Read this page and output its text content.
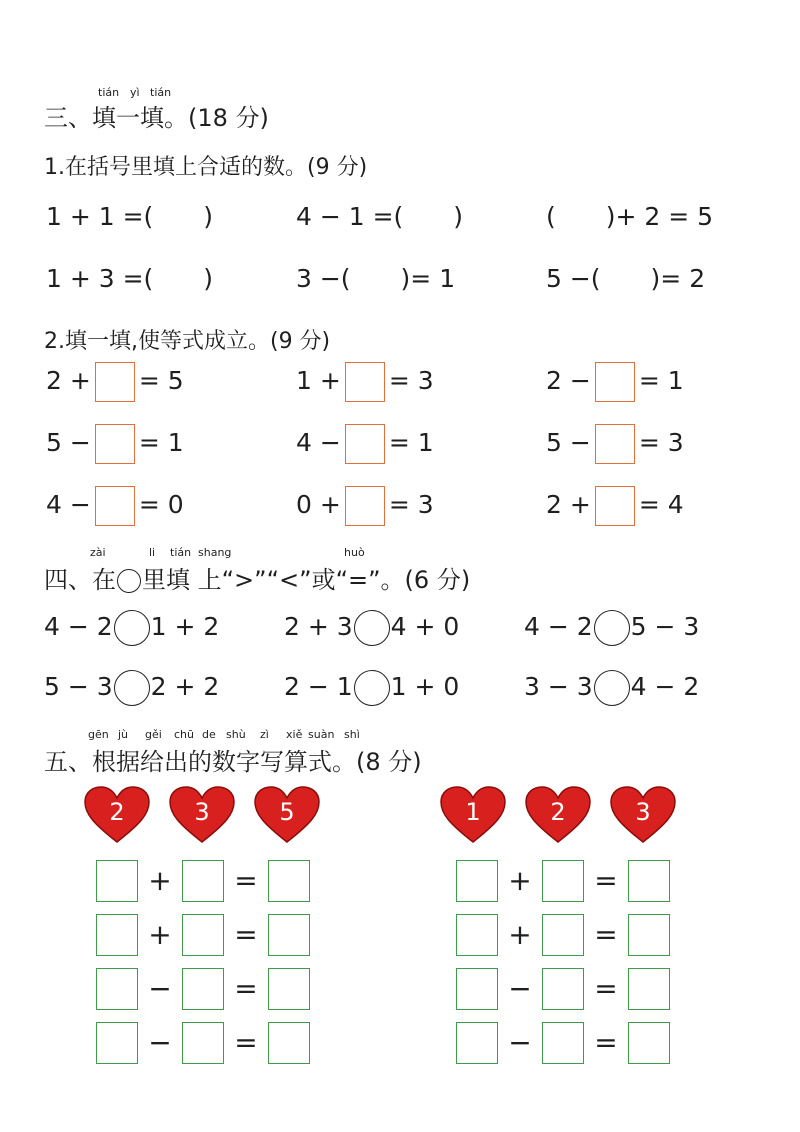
tián yì tián
三、填一填。(18 分)
1.在括号里填上合适的数。(9 分)
1 + 1 =(　　)	4 − 1 =(　　)	(　　)+ 2 = 5
1 + 3 =(　　)	3 −(　　)= 1	5 −(　　)= 2
2.填一填,使等式成立。(9 分)
2 + = 5	1 + = 3	2 − = 1
5 − = 1	4 − = 1	5 − = 3
4 − = 0	0 + = 3	2 + = 4
zài	li tián shang	huò
四、在 里填 上“>”“<”或“=”。(6 分)
4 − 2 1 + 2	2 + 3 4 + 0	4 − 2 5 − 3
5 − 3 2 + 2	2 − 1 1 + 0	3 − 3 4 − 2
gēn jù gěi chū de shù zì xiě suàn shì
五、根据给出的数字写算式。(8 分)
2	3	5	1	2	3
+ =
+ =
− =
− =
+ =
+ =
− =
− =
